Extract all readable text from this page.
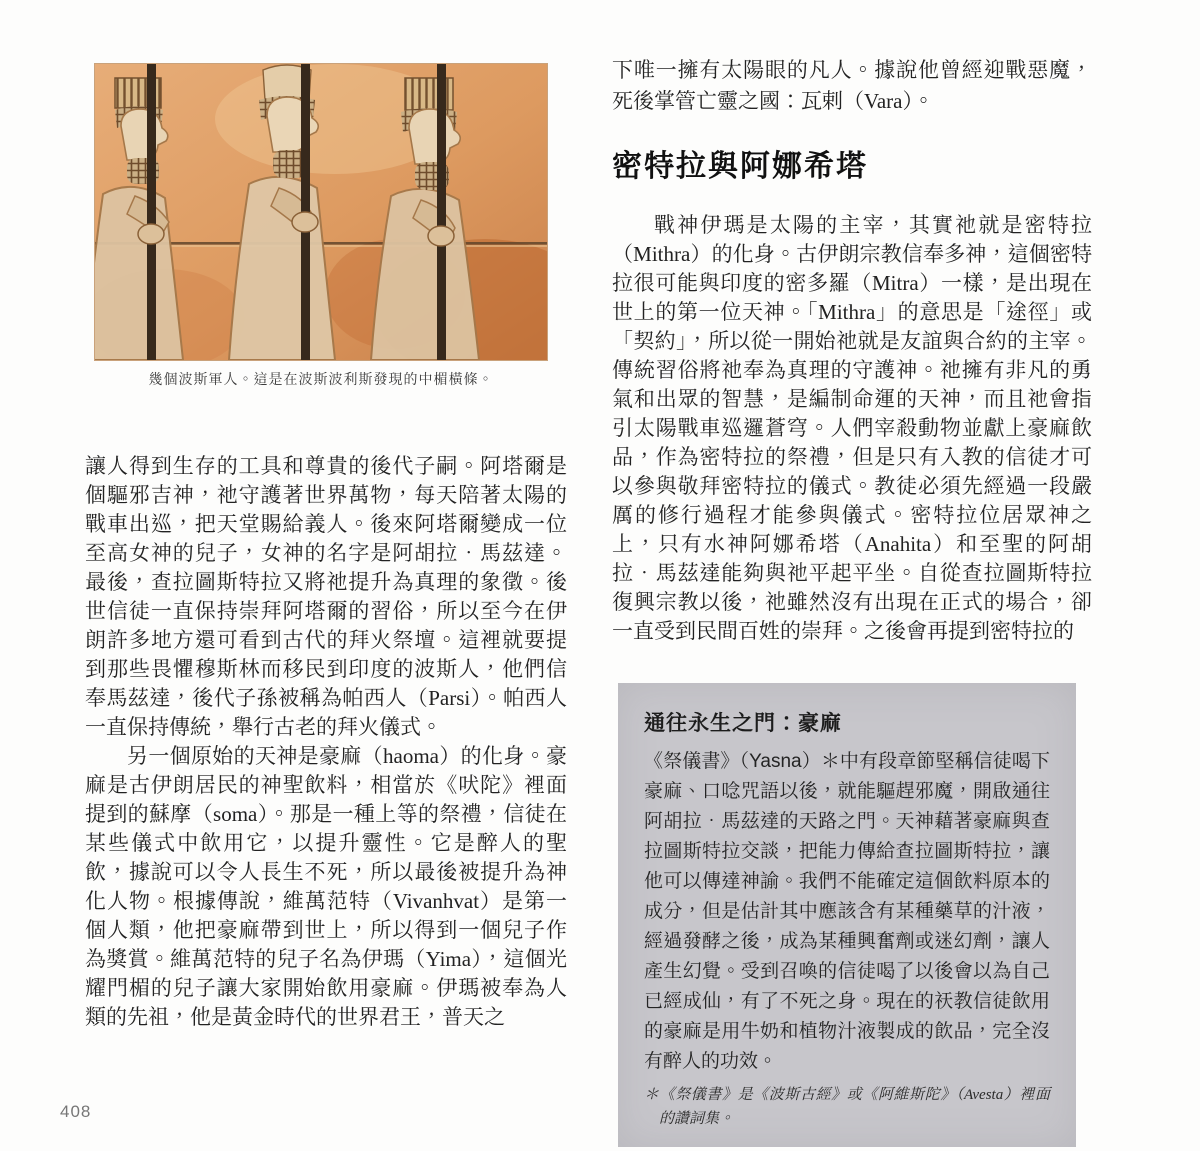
幾個波斯軍人。這是在波斯波利斯發現的中楣橫條。

讓人得到生存的工具和尊貴的後代子嗣。阿塔爾是個驅邪吉神，祂守護著世界萬物，每天陪著太陽的戰車出巡，把天堂賜給義人。後來阿塔爾變成一位至高女神的兒子，女神的名字是阿胡拉．馬茲達。最後，查拉圖斯特拉又將祂提升為真理的象徵。後世信徒一直保持崇拜阿塔爾的習俗，所以至今在伊朗許多地方還可看到古代的拜火祭壇。這裡就要提到那些畏懼穆斯林而移民到印度的波斯人，他們信奉馬茲達，後代子孫被稱為帕西人（Parsi）。帕西人一直保持傳統，舉行古老的拜火儀式。

另一個原始的天神是豪麻（haoma）的化身。豪麻是古伊朗居民的神聖飲料，相當於《吠陀》裡面提到的蘇摩（soma）。那是一種上等的祭禮，信徒在某些儀式中飲用它，以提升靈性。它是醉人的聖飲，據說可以令人長生不死，所以最後被提升為神化人物。根據傳說，維萬范特（Vivanhvat）是第一個人類，他把豪麻帶到世上，所以得到一個兒子作為獎賞。維萬范特的兒子名為伊瑪（Yima），這個光耀門楣的兒子讓大家開始飲用豪麻。伊瑪被奉為人類的先祖，他是黃金時代的世界君王，普天之

下唯一擁有太陽眼的凡人。據說他曾經迎戰惡魔，死後掌管亡靈之國：瓦剌（Vara）。

密特拉與阿娜希塔

戰神伊瑪是太陽的主宰，其實祂就是密特拉（Mithra）的化身。古伊朗宗教信奉多神，這個密特拉很可能與印度的密多羅（Mitra）一樣，是出現在世上的第一位天神。「Mithra」的意思是「途徑」或「契約」，所以從一開始祂就是友誼與合約的主宰。傳統習俗將祂奉為真理的守護神。祂擁有非凡的勇氣和出眾的智慧，是編制命運的天神，而且祂會指引太陽戰車巡邏蒼穹。人們宰殺動物並獻上豪麻飲品，作為密特拉的祭禮，但是只有入教的信徒才可以參與敬拜密特拉的儀式。教徒必須先經過一段嚴厲的修行過程才能參與儀式。密特拉位居眾神之上，只有水神阿娜希塔（Anahita）和至聖的阿胡拉．馬茲達能夠與祂平起平坐。自從查拉圖斯特拉復興宗教以後，祂雖然沒有出現在正式的場合，卻一直受到民間百姓的崇拜。之後會再提到密特拉的

通往永生之門：豪麻

《祭儀書》（Yasna）＊中有段章節堅稱信徒喝下豪麻、口唸咒語以後，就能驅趕邪魔，開啟通往阿胡拉．馬茲達的天路之門。天神藉著豪麻與查拉圖斯特拉交談，把能力傳給查拉圖斯特拉，讓他可以傳達神諭。我們不能確定這個飲料原本的成分，但是估計其中應該含有某種藥草的汁液，經過發酵之後，成為某種興奮劑或迷幻劑，讓人產生幻覺。受到召喚的信徒喝了以後會以為自己已經成仙，有了不死之身。現在的祆教信徒飲用的豪麻是用牛奶和植物汁液製成的飲品，完全沒有醉人的功效。

＊《祭儀書》是《波斯古經》或《阿維斯陀》（Avesta）裡面的讚詞集。

408
